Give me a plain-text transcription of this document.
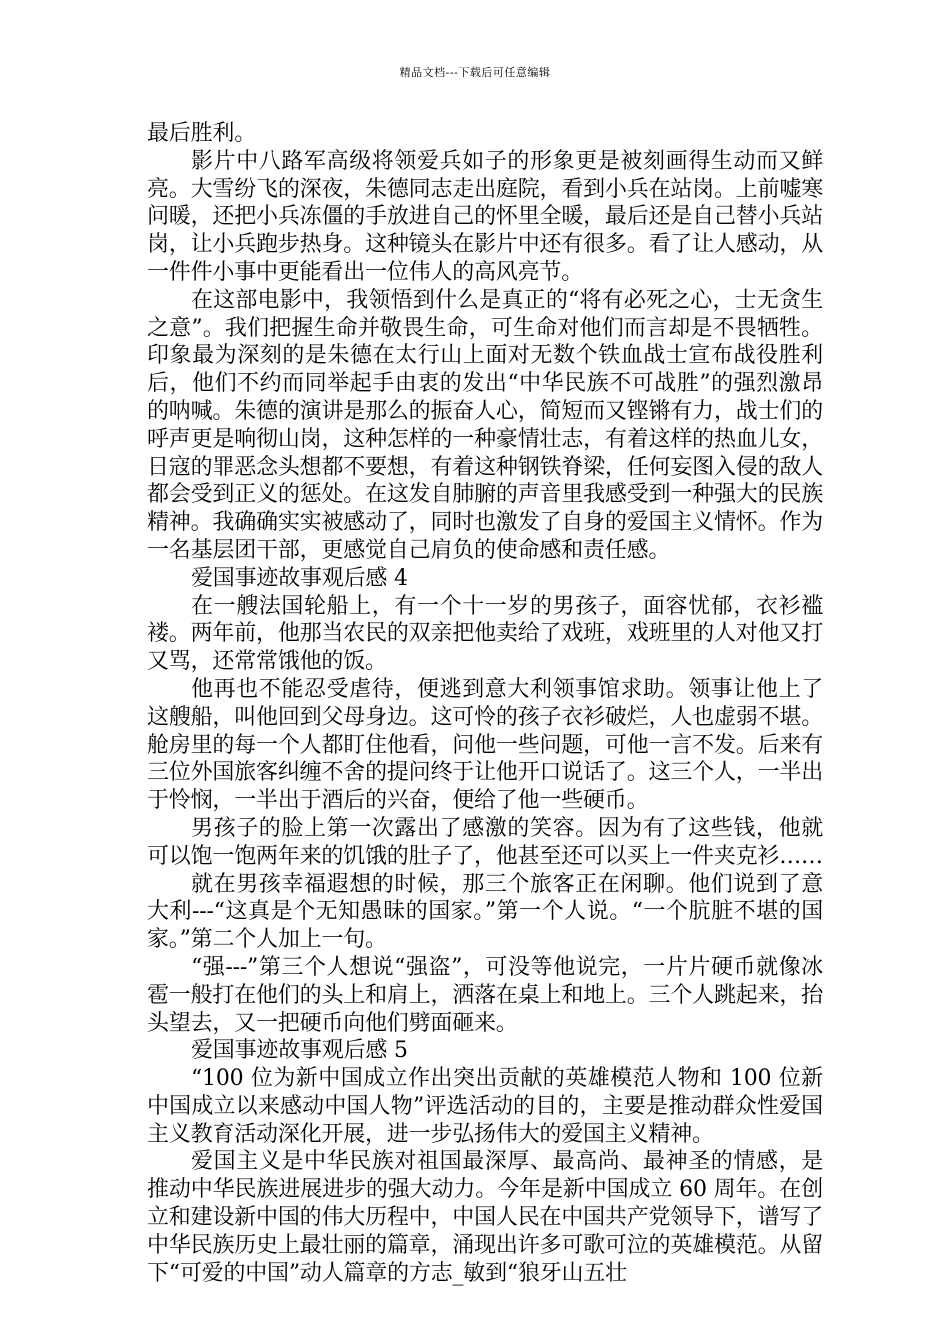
精品文档---下载后可任意编辑

最后胜利。

影片中八路军高级将领爱兵如子的形象更是被刻画得生动而又鲜亮。大雪纷飞的深夜，朱德同志走出庭院，看到小兵在站岗。上前嘘寒问暖，还把小兵冻僵的手放进自己的怀里全暖，最后还是自己替小兵站岗，让小兵跑步热身。这种镜头在影片中还有很多。看了让人感动，从一件件小事中更能看出一位伟人的高风亮节。

在这部电影中，我领悟到什么是真正的“将有必死之心，士无贪生之意”。我们把握生命并敬畏生命，可生命对他们而言却是不畏牺牲。印象最为深刻的是朱德在太行山上面对无数个铁血战士宣布战役胜利后，他们不约而同举起手由衷的发出“中华民族不可战胜”的强烈激昂的呐喊。朱德的演讲是那么的振奋人心，简短而又铿锵有力，战士们的呼声更是响彻山岗，这种怎样的一种豪情壮志，有着这样的热血儿女，日寇的罪恶念头想都不要想，有着这种钢铁脊梁，任何妄图入侵的敌人都会受到正义的惩处。在这发自肺腑的声音里我感受到一种强大的民族精神。我确确实实被感动了，同时也激发了自身的爱国主义情怀。作为一名基层团干部，更感觉自己肩负的使命感和责任感。

爱国事迹故事观后感 4

在一艘法国轮船上，有一个十一岁的男孩子，面容忧郁，衣衫褴褛。两年前，他那当农民的双亲把他卖给了戏班，戏班里的人对他又打又骂，还常常饿他的饭。

他再也不能忍受虐待，便逃到意大利领事馆求助。领事让他上了这艘船，叫他回到父母身边。这可怜的孩子衣衫破烂，人也虚弱不堪。舱房里的每一个人都盯住他看，问他一些问题，可他一言不发。后来有三位外国旅客纠缠不舍的提问终于让他开口说话了。这三个人，一半出于怜悯，一半出于酒后的兴奋，便给了他一些硬币。

男孩子的脸上第一次露出了感激的笑容。因为有了这些钱，他就可以饱一饱两年来的饥饿的肚子了，他甚至还可以买上一件夹克衫……

就在男孩幸福遐想的时候，那三个旅客正在闲聊。他们说到了意大利---“这真是个无知愚昧的国家。”第一个人说。“一个肮脏不堪的国家。”第二个人加上一句。

“强---”第三个人想说“强盗”，可没等他说完，一片片硬币就像冰雹一般打在他们的头上和肩上，洒落在桌上和地上。三个人跳起来，抬头望去，又一把硬币向他们劈面砸来。

爱国事迹故事观后感 5

“100 位为新中国成立作出突出贡献的英雄模范人物和 100 位新中国成立以来感动中国人物”评选活动的目的，主要是推动群众性爱国主义教育活动深化开展，进一步弘扬伟大的爱国主义精神。

爱国主义是中华民族对祖国最深厚、最高尚、最神圣的情感，是推动中华民族进展进步的强大动力。今年是新中国成立 60 周年。在创立和建设新中国的伟大历程中，中国人民在中国共产党领导下，谱写了中华民族历史上最壮丽的篇章，涌现出许多可歌可泣的英雄模范。从留下“可爱的中国”动人篇章的方志_敏到“狼牙山五壮
